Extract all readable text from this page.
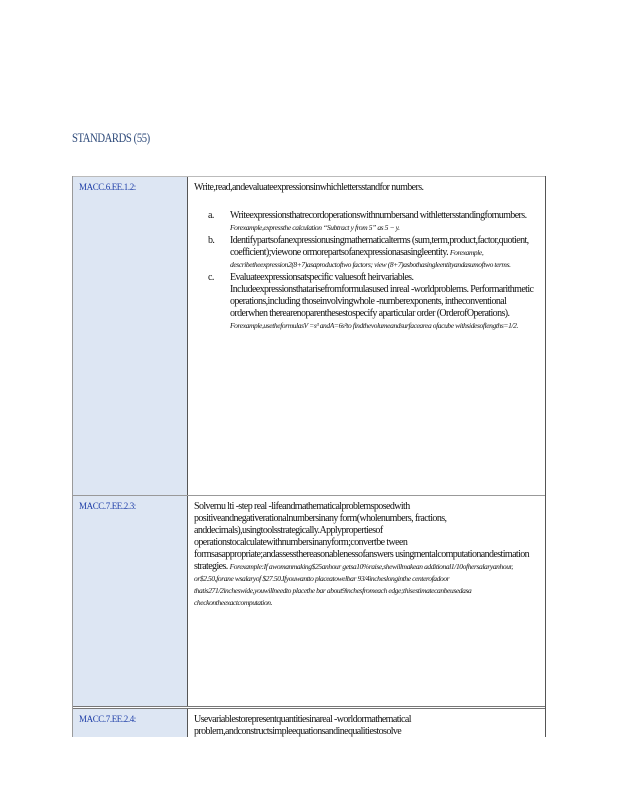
STANDARDS (55)
MACC.6.EE.1.2:	Write,read,andevaluateexpressionsinwhichlettersstandfor numbers.

a.	Writeexpressionsthatrecordoperationswithnumbersand withlettersstandingfornumbers. Forexample,expressthe calculation “Subtract y from 5” as 5 − y.
b.	Identifypartsofanexpressionusingmathematicalterms (sum,term,product,factor,quotient, coefficient);viewone ormorepartsofanexpressionasasingleentity. Forexample, describetheexpression2(8+7)asaproductoftwo factors; view (8+7)asbothasingleentityandasumoftwo terms.
c.	Evaluateexpressionsatspecific valuesoft heirvariables. Includeexpressionsthatarisefromformulasused inreal -worldproblems. Performarithmetic operations,including thoseinvolvingwhole -numberexponents, intheconventional orderwhen therearenoparenthesestospecify aparticular order (OrderofOperations). Forexample,usetheformulasV =s³ andA=6s²to findthevolumeandsurfacearea ofacube withsidesoflengths=1/2.
MACC.7.EE.2.3:	Solvemu lti -step real -lifeandmathematicalproblemsposedwith positiveandnegativerationalnumbersinany form(wholenumbers, fractions, anddecimals),usingtoolsstrategically.Applypropertiesof operationstocalculatewithnumbersinanyform;convertbe tween formsasappropriate;andassessthereasonablenessofanswers usingmentalcomputationandestimation strategies. Forexample:If awomanmaking$25anhour getsa10%raise,shewillmakean additional1/10ofhersalaryanhour, or$2.50,forane wsalaryof $27.50.Ifyouwantto placeatowelbar 93/4incheslonginthe centerofadoor thatis271/2incheswide,youwillneedto placethe bar about9inchesfromeach edge;thisestimatecanbeusedasa checkontheexactcomputation.
MACC.7.EE.2.4:	Usevariablestorepresentquantitiesinareal -worldormathematical problem,andconstructsimpleequationsandinequalitiestosolve
